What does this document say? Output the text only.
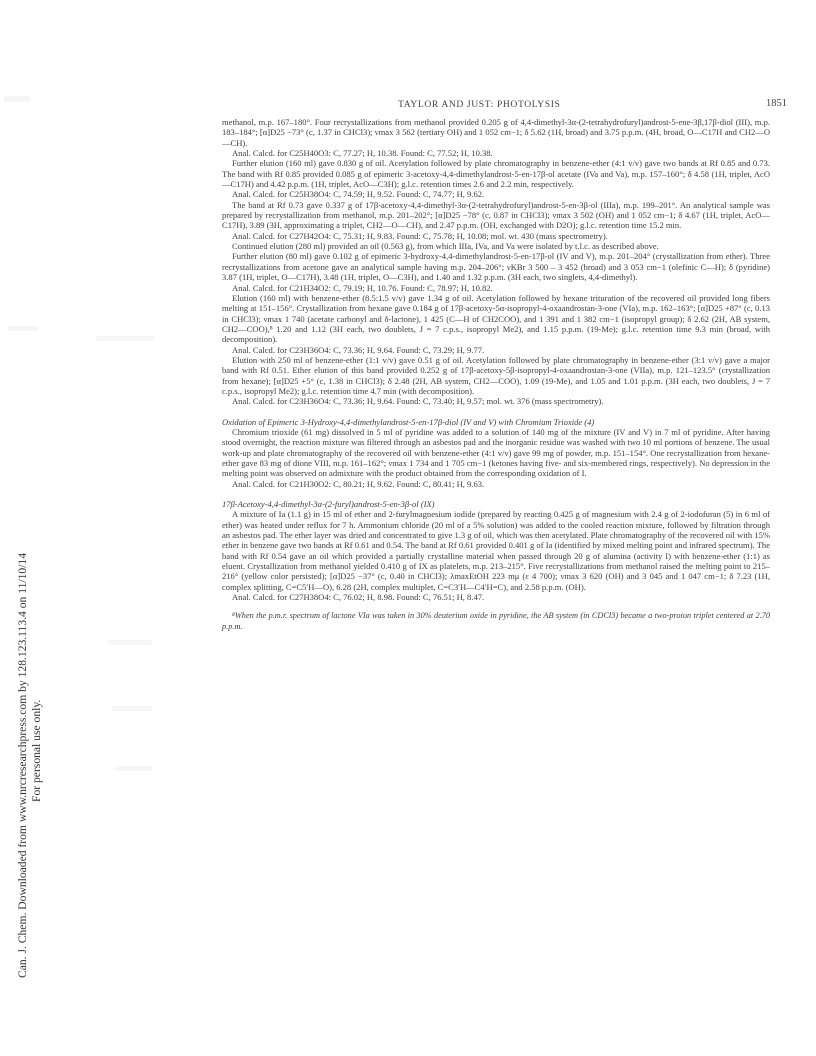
Can. J. Chem. Downloaded from www.nrcresearchpress.com by 128.123.113.4 on 11/10/14 For personal use only.
TAYLOR AND JUST: PHOTOLYSIS	1851

methanol, m.p. 167–180°. Four recrystallizations from methanol provided 0.205 g of 4,4-dimethyl-3α-(2-tetrahydrofuryl)androst-5-ene-3β,17β-diol (III), m.p. 183–184°; [α]D25 −73° (c, 1.37 in CHCl3); νmax 3 562 (tertiary OH) and 1 052 cm−1; δ 5.62 (1H, broad) and 3.75 p.p.m. (4H, broad, O—C17H and CH2—O—CH).

Anal. Calcd. for C25H40O3: C, 77.27; H, 10.38. Found: C, 77.52; H, 10.38.

Further elution (160 ml) gave 0.830 g of oil. Acetylation followed by plate chromatography in benzene-ether (4:1 v/v) gave two bands at Rf 0.85 and 0.73. The band with Rf 0.85 provided 0.085 g of epimeric 3-acetoxy-4,4-dimethylandrost-5-en-17β-ol acetate (IVa and Va), m.p. 157–160°; δ 4.58 (1H, triplet, AcO—C17H) and 4.42 p.p.m. (1H, triplet, AcO—C3H); g.l.c. retention times 2.6 and 2.2 min, respectively.

Anal. Calcd. for C25H38O4: C, 74.59; H, 9.52. Found: C, 74.77; H, 9.62.

The band at Rf 0.73 gave 0.337 g of 17β-acetoxy-4,4-dimethyl-3α-(2-tetrahydrofuryl)androst-5-en-3β-ol (IIIa), m.p. 199–201°. An analytical sample was prepared by recrystallization from methanol, m.p. 201–202°; [α]D25 −78° (c, 0.87 in CHCl3); νmax 3 502 (OH) and 1 052 cm−1; δ 4.67 (1H, triplet, AcO—C17H), 3.89 (3H, approximating a triplet, CH2—O—CH), and 2.47 p.p.m. (OH, exchanged with D2O); g.l.c. retention time 15.2 min.

Anal. Calcd. for C27H42O4: C, 75.31; H, 9.83. Found: C, 75.78; H, 10.08; mol. wt. 430 (mass spectrometry).

Continued elution (280 ml) provided an oil (0.563 g), from which IIIa, IVa, and Va were isolated by t.l.c. as described above.

Further elution (80 ml) gave 0.102 g of epimeric 3-hydroxy-4,4-dimethylandrost-5-en-17β-ol (IV and V), m.p. 201–204° (crystallization from ether). Three recrystallizations from acetone gave an analytical sample having m.p. 204–206°; νKBr 3 500 – 3 452 (broad) and 3 053 cm−1 (olefinic C—H); δ (pyridine) 3.87 (1H, triplet, O—C17H), 3.48 (1H, triplet, O—C3H), and 1.40 and 1.32 p.p.m. (3H each, two singlets, 4,4-dimethyl).

Anal. Calcd. for C21H34O2: C, 79.19; H, 10.76. Found: C, 78.97; H, 10.82.

Elution (160 ml) with benzene-ether (8.5:1.5 v/v) gave 1.34 g of oil. Acetylation followed by hexane trituration of the recovered oil provided long fibers melting at 151–156°. Crystallization from hexane gave 0.184 g of 17β-acetoxy-5α-isopropyl-4-oxaandrostan-3-one (VIa), m.p. 162–163°; [α]D25 +87° (c, 0.13 in CHCl3); νmax 1 740 (acetate carbonyl and δ-lactone), 1 425 (C—H of CH2COO), and 1 391 and 1 382 cm−1 (isopropyl group); δ 2.62 (2H, AB system, CH2—COO),⁸ 1.20 and 1.12 (3H each, two doublets, J = 7 c.p.s., isopropyl Me2), and 1.15 p.p.m. (19-Me); g.l.c. retention time 9.3 min (broad, with decomposition).

Anal. Calcd. for C23H36O4: C, 73.36; H, 9.64. Found: C, 73.29; H, 9.77.

Elution with 250 ml of benzene-ether (1:1 v/v) gave 0.51 g of oil. Acetylation followed by plate chromatography in benzene-ether (3:1 v/v) gave a major band with Rf 0.51. Ether elution of this band provided 0.252 g of 17β-acetoxy-5β-isopropyl-4-oxaandrostan-3-one (VIIa), m.p. 121–123.5° (crystallization from hexane); [α]D25 +5° (c, 1.38 in CHCl3); δ 2.48 (2H, AB system, CH2—COO), 1.09 (19-Me), and 1.05 and 1.01 p.p.m. (3H each, two doublets, J = 7 c.p.s., isopropyl Me2); g.l.c. retention time 4.7 min (with decomposition).

Anal. Calcd. for C23H36O4: C, 73.36; H, 9.64. Found: C, 73.40; H, 9.57; mol. wt. 376 (mass spectrometry).

Oxidation of Epimeric 3-Hydroxy-4,4-dimethylandrost-5-en-17β-diol (IV and V) with Chromium Trioxide (4)

Chromium trioxide (61 mg) dissolved in 5 ml of pyridine was added to a solution of 140 mg of the mixture (IV and V) in 7 ml of pyridine. After having stood overnight, the reaction mixture was filtered through an asbestos pad and the inorganic residue was washed with two 10 ml portions of benzene. The usual work-up and plate chromatography of the recovered oil with benzene-ether (4:1 v/v) gave 99 mg of powder, m.p. 151–154°. One recrystallization from hexane-ether gave 83 mg of dione VIII, m.p. 161–162°; νmax 1 734 and 1 705 cm−1 (ketones having five- and six-membered rings, respectively). No depression in the melting point was observed on admixture with the product obtained from the corresponding oxidation of I.

Anal. Calcd. for C21H30O2: C, 80.21; H, 9.62. Found: C, 80.41; H, 9.63.

17β-Acetoxy-4,4-dimethyl-3α-(2-furyl)androst-5-en-3β-ol (IX)

A mixture of Ia (1.1 g) in 15 ml of ether and 2-furylmagnesium iodide (prepared by reacting 0.425 g of magnesium with 2.4 g of 2-iodofuran (5) in 6 ml of ether) was heated under reflux for 7 h. Ammonium chloride (20 ml of a 5% solution) was added to the cooled reaction mixture, followed by filtration through an asbestos pad. The ether layer was dried and concentrated to give 1.3 g of oil, which was then acetylated. Plate chromatography of the recovered oil with 15% ether in benzene gave two bands at Rf 0.61 and 0.54. The band at Rf 0.61 provided 0.401 g of Ia (identified by mixed melting point and infrared spectrum). The band with Rf 0.54 gave an oil which provided a partially crystalline material when passed through 20 g of alumina (activity I) with benzene-ether (1:1) as eluent. Crystallization from methanol yielded 0.410 g of IX as platelets, m.p. 213–215°. Five recrystallizations from methanol raised the melting point to 215–216° (yellow color persisted); [α]D25 −37° (c, 0.40 in CHCl3); λmaxEtOH 223 mμ (ε 4 700); νmax 3 620 (OH) and 3 045 and 1 047 cm−1; δ 7.23 (1H, complex splitting, C=C5′H—O), 6.28 (2H, complex multiplet, C=C3′H—C4′H=C), and 2.58 p.p.m. (OH).

Anal. Calcd. for C27H38O4: C, 76.02; H, 8.98. Found: C, 76.51; H, 8.47.

⁸When the p.m.r. spectrum of lactone VIa was taken in 30% deuterium oxide in pyridine, the AB system (in CDCl3) became a two-proton triplet centered at 2.70 p.p.m.
